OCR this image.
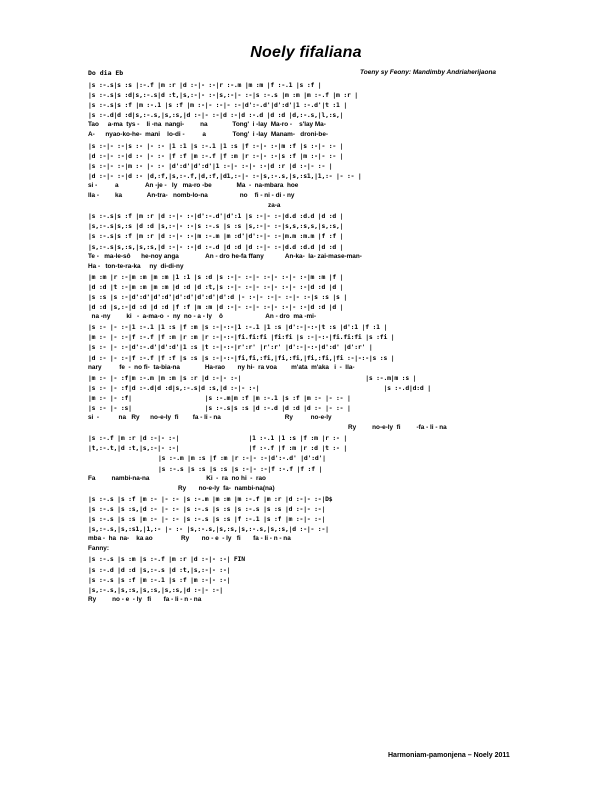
Noely fifaliana
Do dia Eb	Toeny sy Feony: Mandimby Andriaherijaona
|s :-.s|s :s |:-.f |m :r |d :-|- :-|r :-.m |m :m |f :-.1 |s :f |
|s :-.s|s :d|s,:-.s|d :t,|s,:-|- :-|s,:-|- :-|s :-.s |m :m |m :-.f |m :r |
|s :-.s|s :f |m :-.1 |s :f |m :-|- :-|- :-|d':-.d'|d':d'|1 :-.d'|t :1 |
|s :-.d|d :d|s,:-.s,|s,:s,|d :-|- :-|d :-|d :-.d |d :d |d,:-.s,|l,:s,|
Tao     a-ma  tys -    li -na  nangi-         na              Tong'  i -lay  Ma-ro -    s'lay Ma-
A-      nyao-ko-he-  mani    lo-di -          a               Tong'  i -lay  Manam-   droni-be-
|s :-|- :-|s :- |- :- |1 :1 |s :-.1 |1 :s |f :-|- :-|m :f |s :-|- :- |
|d :-|- :-|d :- |- :- |f :f |m :-.f |f :m |r :-|- :-|s :f |m :-|- :- |
|s :-|- :-|m :- |- :- |d':d'|d':d'|1 :-|- :-|- :-|d :r |d :-|- :- |
|d :-|- :-|d :- |d,:f,|s,:-.f,|d,:f,|d1,:-|- :-|s,:-.s,|s,:s1,|1,:- |- :- |
si -          a               An -je -   ly   ma-ro -be              Ma  -  na-mbara  hoe
lla -         ka              An-tra-   nomb-lo-na                  no    fi - ni - di - ny
za-a
|s :-.s|s :f |m :r |d :-|- :-|d':-.d'|d':1 |s :-|- :-|d.d :d.d |d :d |
|s,:-.s|s,:s |d :d |s,:-|- :-|s :-.s |s :s |s,:-|- :-|s,s,:s,s,|s,:s,|
|s :-.s|s :f |m :r |d :-|- :-|m :-.m |m :d'|d':-|- :-|m.m :m.m |f :f |
|s,:-.s|s,:s,|s,:s,|d :-|- :-|d :-.d |d :d |d :-|- :-|d.d :d.d |d :d |
Te -   ma-le-sô      he-noy anga               An - dro he-fa ffany            An-ka-  la- zai-mase-man-
Ha -   ton-te-ra-ka     ny  di-di-ny
|m :m |r :-|m :m |m :m |1 :1 |s :d |s :-|- :-|- :-|- :-|- :-|m :m |f |
|d :d |t :-|m :m |m :m |d :d |d :t,|s :-|- :-|- :-|- :-|- :-|d :d |d |
|s :s |s :-|d':d'|d':d'|d':d'|d':d'|d':d |- :-|- :-|- :-|- :-|s :s |s |
|d :d |s,:-|d :d |d :d |f :f |m :m |d :-|- :-|- :-|- :-|- :-|d :d |d |
na -ny         ki   -  a-ma-o  -  ny  no - a - ly    ô                        An - dro  ma -mi-
|s :- |- :-|1 :-.1 |1 :s |f :m |s :-|-:-|1 :-.1 |1 :s |d':-|-:-|t :s |d':1 |f :1 |
|m :- |- :-|f :-.f |f :m |r :m |r :-|-:-|fi.fi:fi |fi:fi |s :-|-:-|fi.fi:fi |s :fi |
|s :- |- :-|d':-.d'|d':d'|1 :s |t :-|-:-|r':r' |r':r' |d':-|-:-|d':d' |d':r' |
|d :- |- :-|f :-.f |f :f |s :s |s :-|-:-|fi,fi,:fi,|fi,:fi,|fi,:fi,|fi :-|-:-|s :s |
nary          fe  -  no fi-  ta-bia-na              Ha-rao       ny hi-  ra voa        m'ata  m'aka   i  -  lla-
|m :- |- :f|m :-.m |m :m |s :r |d :-|- :-|                                  |s :-.m|m :s |
|s :- |- :f|d :-.d|d :d|s,:-.s|d :s,|d :-|- :-|                                  |s :-.d|d:d |
|m :- |- :f|                    |s :-.m|m :f |m :-.1 |s :f |m :- |- :- |
|s :- |- :s|                    |s :-.s|s :s |d :-.d |d :d |d :- |- :- |
si  -           na   Ry      no-e-ly  fi        fa - li - na                                    Ry          no-e-ly
Ry         no-e-ly  fi         -fa - li - na
|s :-.f |m :r |d :-|- :-|                   |1 :-.1 |1 :s |f :m |r :- |
|t,:-.t,|d :t,|s,:-|- :-|                   |f :-.f |f :m |r :d |t :- |
|s :-.m |m :s |f :m |r :-|- :-|d':-.d' |d':d'|
|s :-.s |s :s |s :s |s :-|- :-|f :-.f |f :f |
Fa         nambi-na-na                                Ki  -  ra  no hi  -  rao
Ry       no-e-ly  fa-  nambi-na(na)
|s :-.s |s :f |m :- |- :- |s :-.m |m :m |m :-.f |m :r |d :-|- :-|D$
|s :-.s |s :s,|d :- |- :- |s :-.s |s :s |s :-.s |s :s |d :-|- :-|
|s :-.s |s :s |m :- |- :- |s :-.s |s :s |f :-.1 |s :f |m :-|- :-|
|s,:-.s,|s,:s1,|1,:- |- :- |s,:-.s,|s,:s,|s,:-.s,|s,:s,|d :-|- :-|
mba -  ha  na-    ka ao                Ry       no - e  - ly   fi       fa - li - n - na
Fanny:
|s :-.s |s :m |s :-.f |m :r |d :-|- :-| FIN
|s :-.d |d :d |s,:-.s |d :t,|s,:-|- :-|
|s :-.s |s :f |m :-.1 |s :f |m :-|- :-|
|s,:-.s,|s,:s,|s,:s,|s,:s,|d :-|- :-|
Ry         no - e  - ly   fi       fa - li - n - na
Harmoniam-pamonjena – Noely 2011
